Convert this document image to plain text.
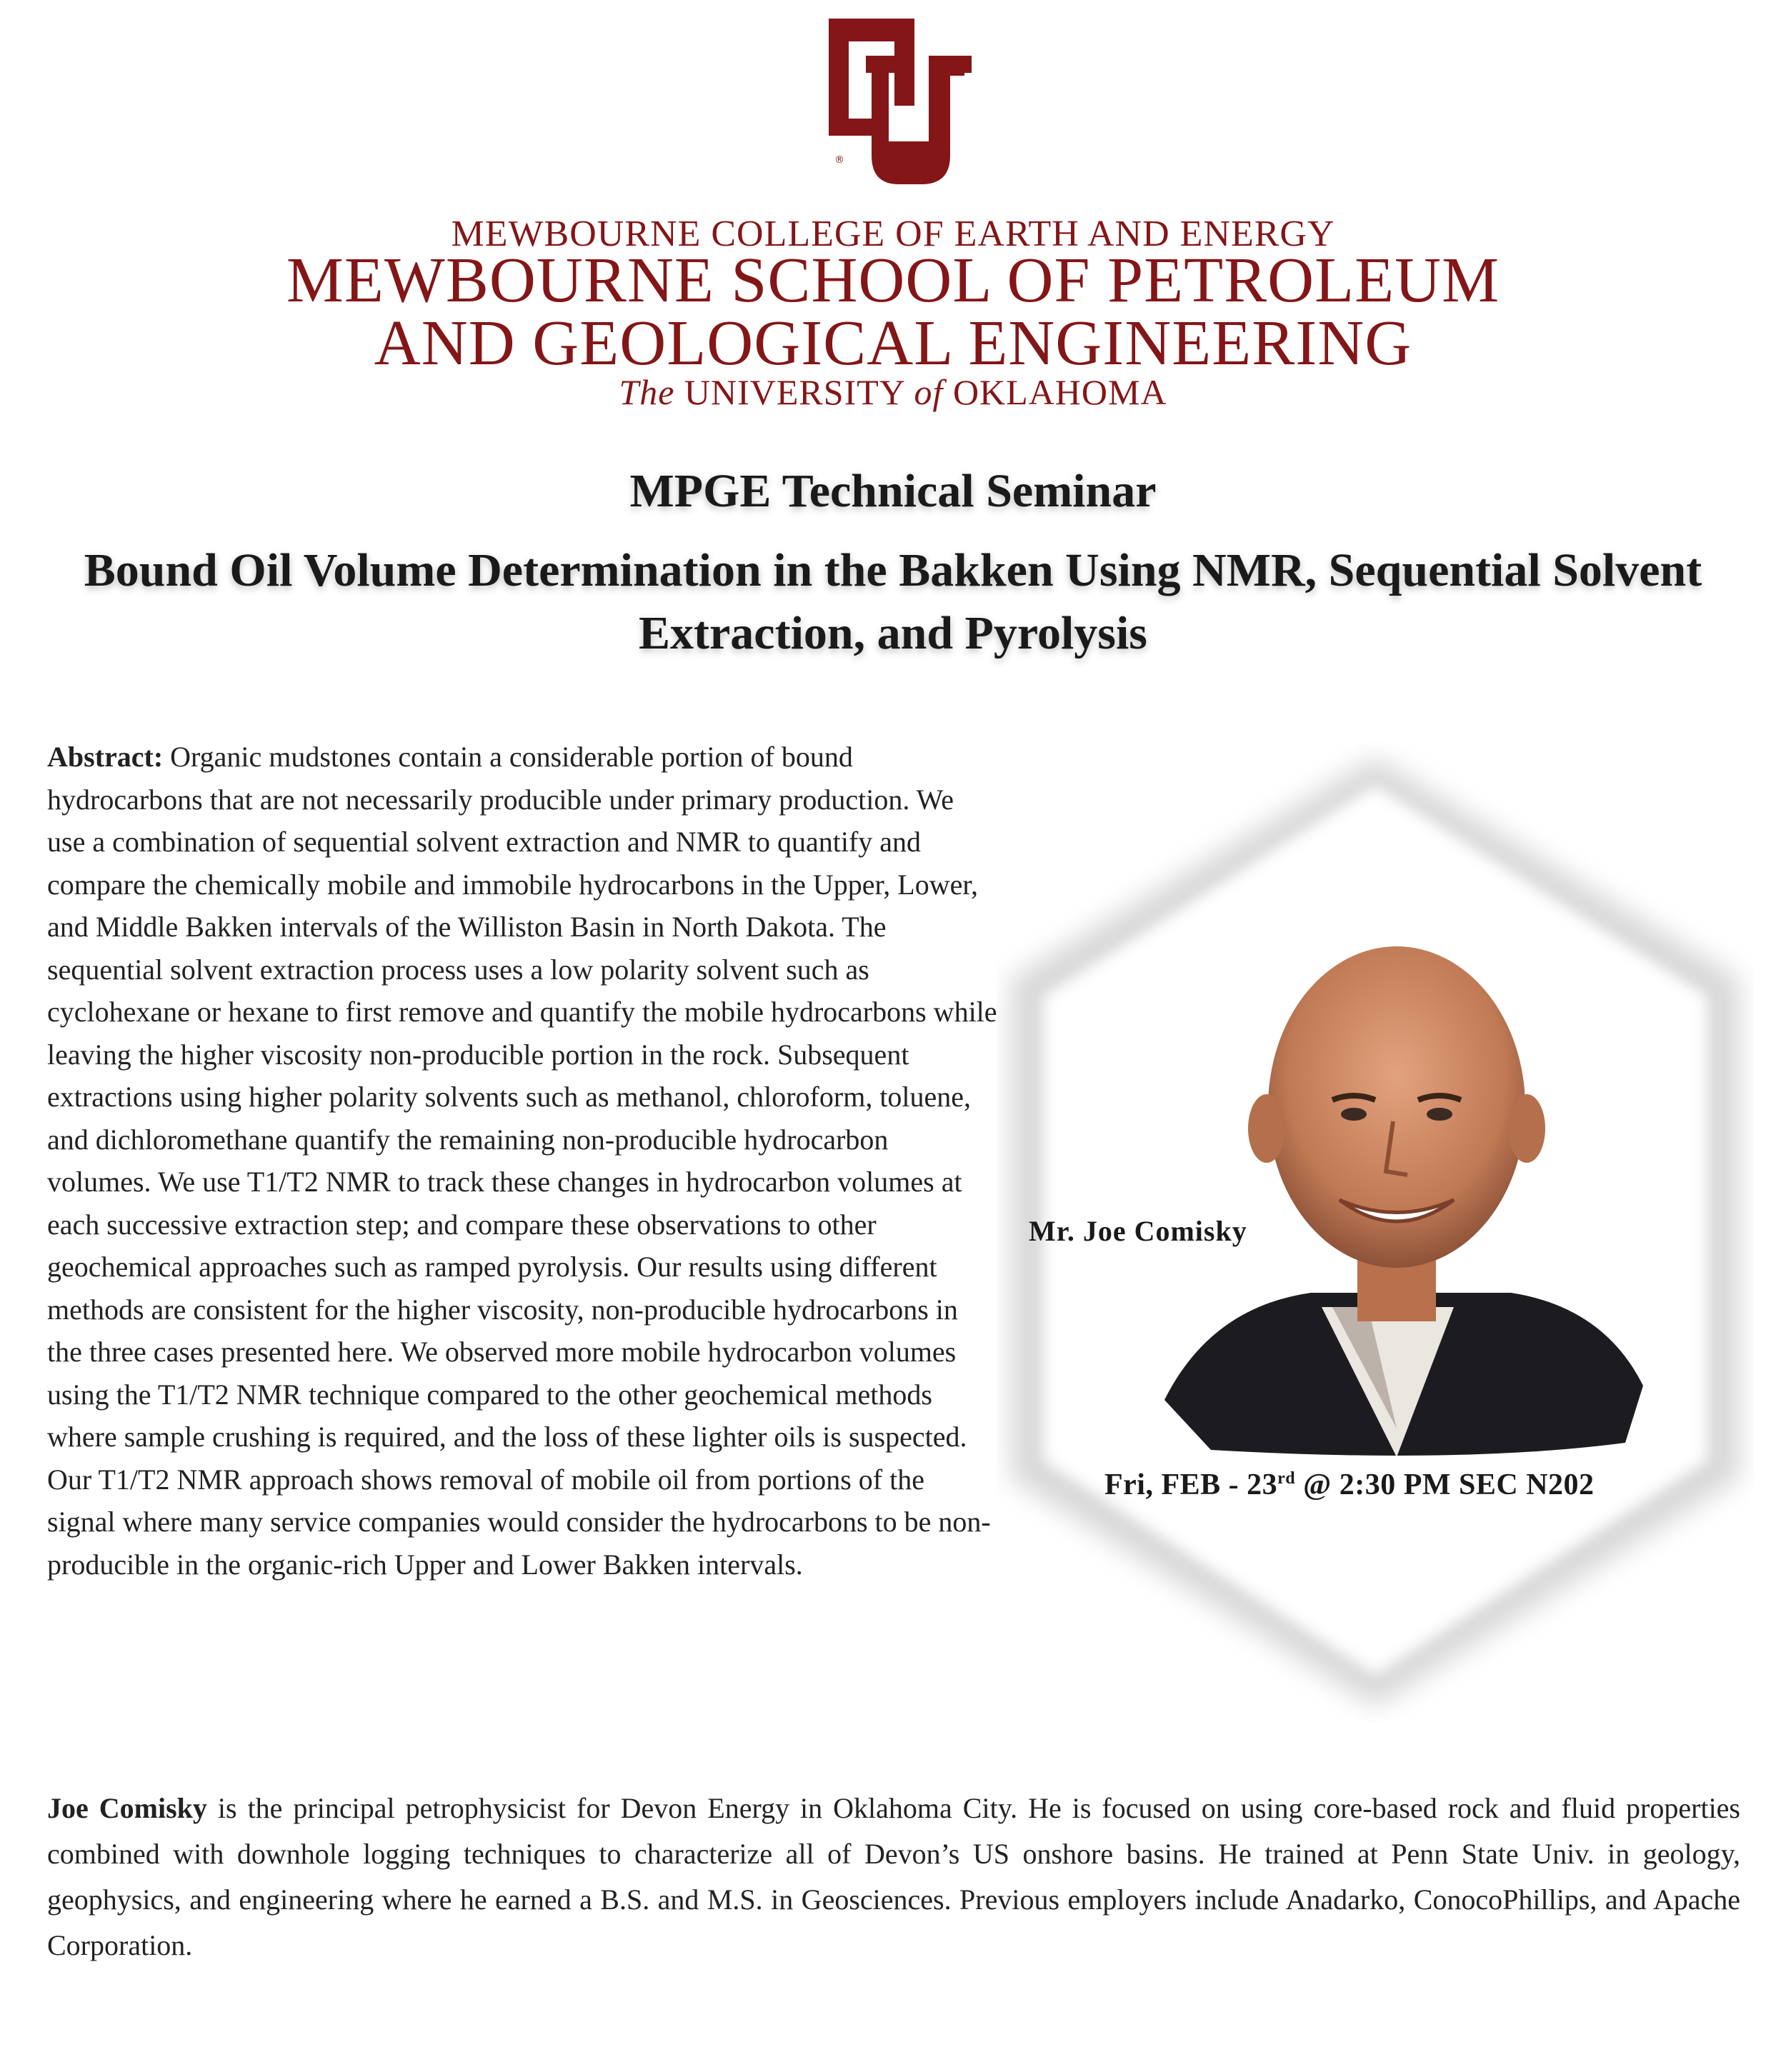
®
MEWBOURNE COLLEGE OF EARTH AND ENERGY
MEWBOURNE SCHOOL OF PETROLEUM
AND GEOLOGICAL ENGINEERING
The UNIVERSITY of OKLAHOMA
MPGE Technical Seminar
Bound Oil Volume Determination in the Bakken Using NMR, Sequential Solvent Extraction, and Pyrolysis
Abstract: Organic mudstones contain a considerable portion of bound hydrocarbons that are not necessarily producible under primary production. We use a combination of sequential solvent extraction and NMR to quantify and compare the chemically mobile and immobile hydrocarbons in the Upper, Lower, and Middle Bakken intervals of the Williston Basin in North Dakota. The sequential solvent extraction process uses a low polarity solvent such as cyclohexane or hexane to first remove and quantify the mobile hydrocarbons while leaving the higher viscosity non-producible portion in the rock. Subsequent extractions using higher polarity solvents such as methanol, chloroform, toluene, and dichloromethane quantify the remaining non-producible hydrocarbon volumes. We use T1/T2 NMR to track these changes in hydrocarbon volumes at each successive extraction step; and compare these observations to other geochemical approaches such as ramped pyrolysis. Our results using different methods are consistent for the higher viscosity, non-producible hydrocarbons in the three cases presented here. We observed more mobile hydrocarbon volumes using the T1/T2 NMR technique compared to the other geochemical methods where sample crushing is required, and the loss of these lighter oils is suspected. Our T1/T2 NMR approach shows removal of mobile oil from portions of the signal where many service companies would consider the hydrocarbons to be non-producible in the organic-rich Upper and Lower Bakken intervals.
Mr. Joe Comisky
Fri, FEB - 23rd @ 2:30 PM SEC N202
Joe Comisky is the principal petrophysicist for Devon Energy in Oklahoma City. He is focused on using core-based rock and fluid properties combined with downhole logging techniques to characterize all of Devon’s US onshore basins. He trained at Penn State Univ. in geology, geophysics, and engineering where he earned a B.S. and M.S. in Geosciences. Previous employers include Anadarko, ConocoPhillips, and Apache Corporation.
